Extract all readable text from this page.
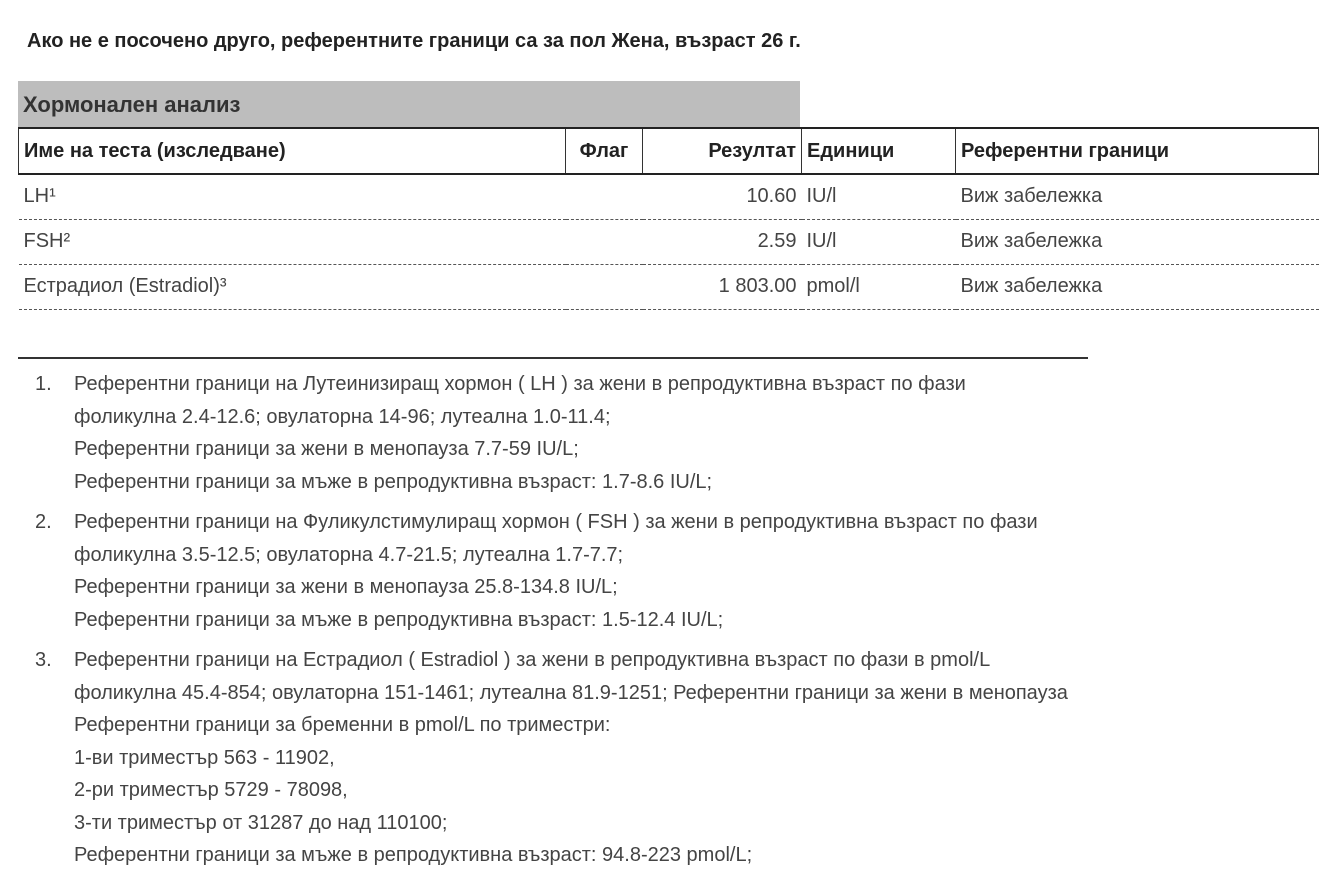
Ако не е посочено друго, референтните граници са за пол Жена, възраст 26 г.
Хормонален анализ
Име на теста (изследване)	Флаг	Резултат	Единици	Референтни граници
LH¹		10.60	IU/l	Виж забележка
FSH²		2.59	IU/l	Виж забележка
Естрадиол (Estradiol)³		1 803.00	pmol/l	Виж забележка
1. Референтни граници на Лутеинизиращ хормон ( LH ) за жени в репродуктивна възраст по фази
фоликулна 2.4-12.6; овулаторна 14-96; лутеална 1.0-11.4;
Референтни граници за жени в менопауза 7.7-59 IU/L;
Референтни граници за мъже в репродуктивна възраст: 1.7-8.6 IU/L;
2. Референтни граници на Фуликулстимулиращ хормон ( FSH ) за жени в репродуктивна възраст по фази
фоликулна 3.5-12.5; овулаторна 4.7-21.5; лутеална 1.7-7.7;
Референтни граници за жени в менопауза 25.8-134.8 IU/L;
Референтни граници за мъже в репродуктивна възраст: 1.5-12.4 IU/L;
3. Референтни граници на Естрадиол ( Estradiol ) за жени в репродуктивна възраст по фази в pmol/L
фоликулна 45.4-854; овулаторна 151-1461; лутеална 81.9-1251; Референтни граници за жени в менопауза
Референтни граници за бременни в pmol/L по триместри:
1-ви триместър 563 - 11902,
2-ри триместър 5729 - 78098,
3-ти триместър от 31287 до над 110100;
Референтни граници за мъже в репродуктивна възраст: 94.8-223 pmol/L;
